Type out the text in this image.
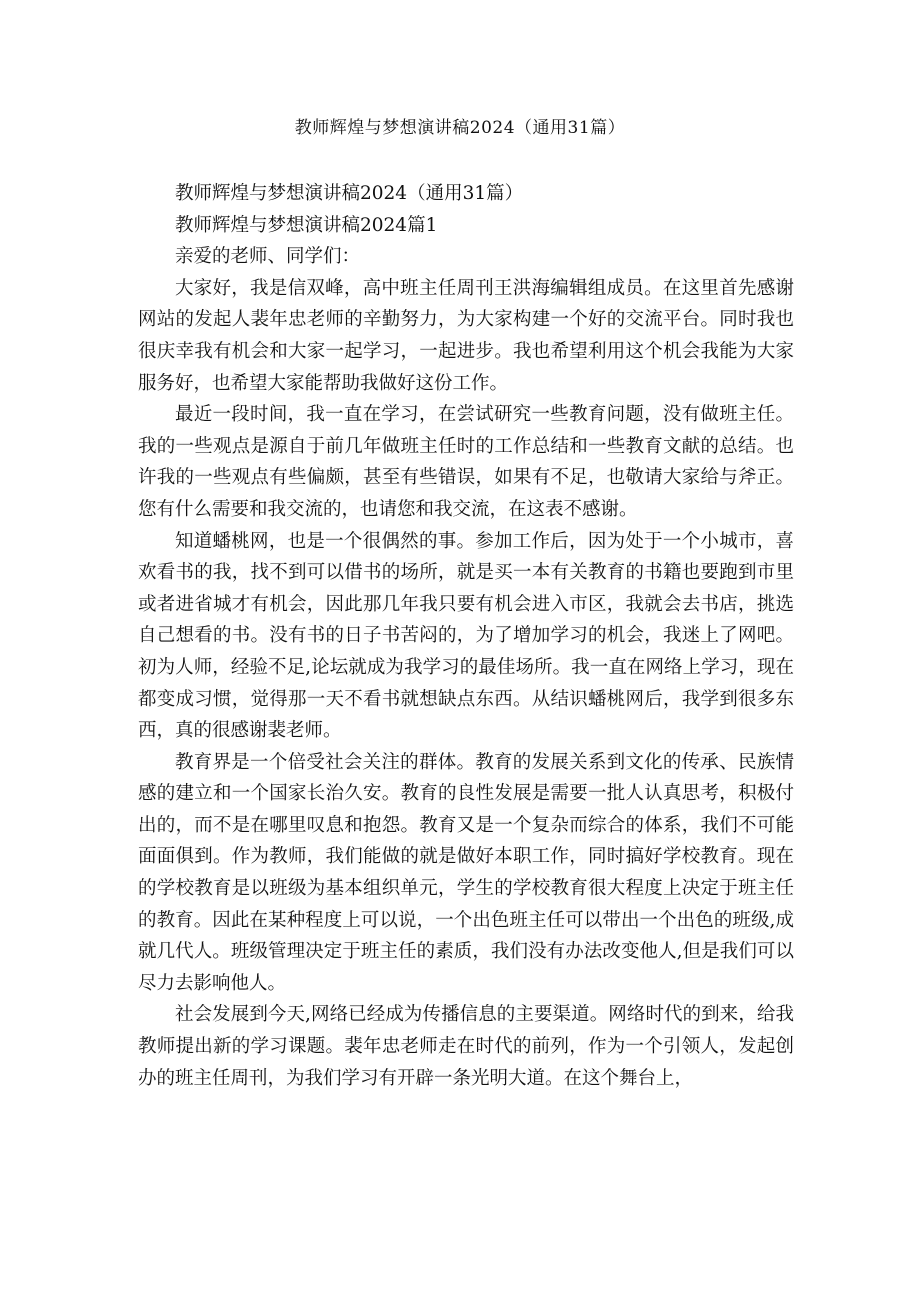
教师辉煌与梦想演讲稿2024（通用31篇）

教师辉煌与梦想演讲稿2024（通用31篇）

教师辉煌与梦想演讲稿2024篇1

亲爱的老师、同学们：

大家好，我是信双峰，高中班主任周刊王洪海编辑组成员。在这里首先感谢网站的发起人裴年忠老师的辛勤努力，为大家构建一个好的交流平台。同时我也很庆幸我有机会和大家一起学习，一起进步。我也希望利用这个机会我能为大家服务好，也希望大家能帮助我做好这份工作。

最近一段时间，我一直在学习，在尝试研究一些教育问题，没有做班主任。我的一些观点是源自于前几年做班主任时的工作总结和一些教育文献的总结。也许我的一些观点有些偏颇，甚至有些错误，如果有不足，也敬请大家给与斧正。您有什么需要和我交流的，也请您和我交流，在这表不感谢。

知道蟠桃网，也是一个很偶然的事。参加工作后，因为处于一个小城市，喜欢看书的我，找不到可以借书的场所，就是买一本有关教育的书籍也要跑到市里或者进省城才有机会，因此那几年我只要有机会进入市区，我就会去书店，挑选自己想看的书。没有书的日子书苦闷的，为了增加学习的机会，我迷上了网吧。初为人师，经验不足,论坛就成为我学习的最佳场所。我一直在网络上学习，现在都变成习惯，觉得那一天不看书就想缺点东西。从结识蟠桃网后，我学到很多东西，真的很感谢裴老师。

教育界是一个倍受社会关注的群体。教育的发展关系到文化的传承、民族情感的建立和一个国家长治久安。教育的良性发展是需要一批人认真思考，积极付出的，而不是在哪里叹息和抱怨。教育又是一个复杂而综合的体系，我们不可能面面俱到。作为教师，我们能做的就是做好本职工作，同时搞好学校教育。现在的学校教育是以班级为基本组织单元，学生的学校教育很大程度上决定于班主任的教育。因此在某种程度上可以说，一个出色班主任可以带出一个出色的班级,成就几代人。班级管理决定于班主任的素质，我们没有办法改变他人,但是我们可以尽力去影响他人。

社会发展到今天,网络已经成为传播信息的主要渠道。网络时代的到来，给我教师提出新的学习课题。裴年忠老师走在时代的前列，作为一个引领人，发起创办的班主任周刊，为我们学习有开辟一条光明大道。在这个舞台上，
